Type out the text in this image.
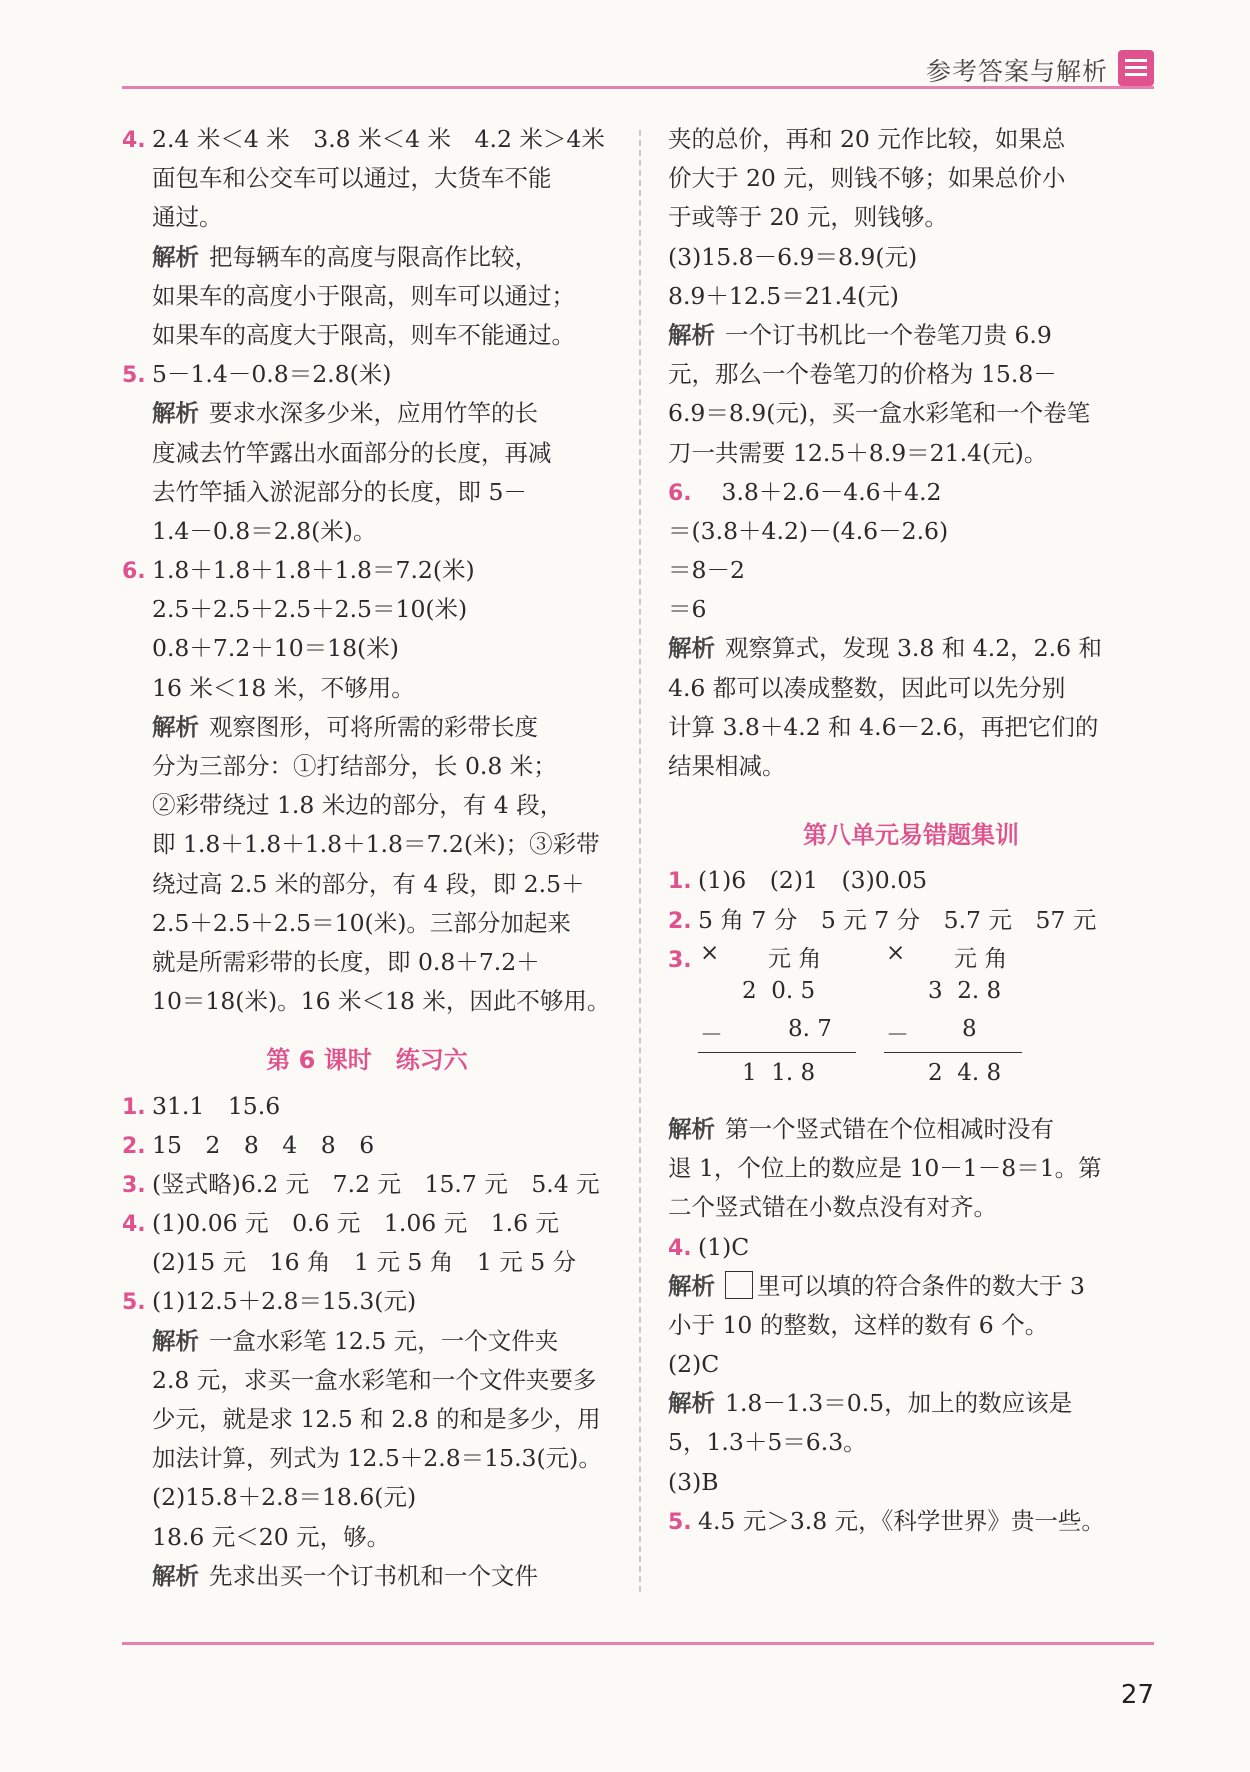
参考答案与解析
4. 2.4 米＜4 米　3.8 米＜4 米　4.2 米＞4米
面包车和公交车可以通过，大货车不能
通过。
解析 把每辆车的高度与限高作比较，
如果车的高度小于限高，则车可以通过；
如果车的高度大于限高，则车不能通过。
5. 5－1.4－0.8＝2.8(米)
解析 要求水深多少米，应用竹竿的长
度减去竹竿露出水面部分的长度，再减
去竹竿插入淤泥部分的长度，即 5－
1.4－0.8＝2.8(米)。
6. 1.8＋1.8＋1.8＋1.8＝7.2(米)
2.5＋2.5＋2.5＋2.5＝10(米)
0.8＋7.2＋10＝18(米)
16 米＜18 米，不够用。
解析 观察图形，可将所需的彩带长度
分为三部分：①打结部分，长 0.8 米；
②彩带绕过 1.8 米边的部分，有 4 段，
即 1.8＋1.8＋1.8＋1.8＝7.2(米)；③彩带
绕过高 2.5 米的部分，有 4 段，即 2.5＋
2.5＋2.5＋2.5＝10(米)。三部分加起来
就是所需彩带的长度，即 0.8＋7.2＋
10＝18(米)。16 米＜18 米，因此不够用。
第 6 课时　练习六
1. 31.1　15.6
2. 15　2　8　4　8　6
3. (竖式略)6.2 元　7.2 元　15.7 元　5.4 元
4. (1)0.06 元　0.6 元　1.06 元　1.6 元
(2)15 元　16 角　1 元 5 角　1 元 5 分
5. (1)12.5＋2.8＝15.3(元)
解析 一盒水彩笔 12.5 元，一个文件夹
2.8 元，求买一盒水彩笔和一个文件夹要多
少元，就是求 12.5 和 2.8 的和是多少，用
加法计算，列式为 12.5＋2.8＝15.3(元)。
(2)15.8＋2.8＝18.6(元)
18.6 元＜20 元，够。
解析 先求出买一个订书机和一个文件
夹的总价，再和 20 元作比较，如果总
价大于 20 元，则钱不够；如果总价小
于或等于 20 元，则钱够。
(3)15.8－6.9＝8.9(元)
8.9＋12.5＝21.4(元)
解析 一个订书机比一个卷笔刀贵 6.9
元，那么一个卷笔刀的价格为 15.8－
6.9＝8.9(元)，买一盒水彩笔和一个卷笔
刀一共需要 12.5＋8.9＝21.4(元)。
6.　3.8＋2.6－4.6＋4.2
＝(3.8＋4.2)－(4.6－2.6)
＝8－2
＝6
解析 观察算式，发现 3.8 和 4.2，2.6 和
4.6 都可以凑成整数，因此可以先分别
计算 3.8＋4.2 和 4.6－2.6，再把它们的
结果相减。
第八单元易错题集训
1. (1)6　(2)1　(3)0.05
2. 5 角 7 分　5 元 7 分　5.7 元　57 元
3. × 元 角
2  0. 5
－	8. 7
1  1. 8
× 元 角
3  2. 8
－ 8
2  4. 8
解析 第一个竖式错在个位相减时没有
退 1，个位上的数应是 10－1－8＝1。第
二个竖式错在小数点没有对齐。
4. (1)C
解析 里可以填的符合条件的数大于 3
小于 10 的整数，这样的数有 6 个。
(2)C
解析 1.8－1.3＝0.5，加上的数应该是
5，1.3＋5＝6.3。
(3)B
5. 4.5 元＞3.8 元，《科学世界》贵一些。
27
